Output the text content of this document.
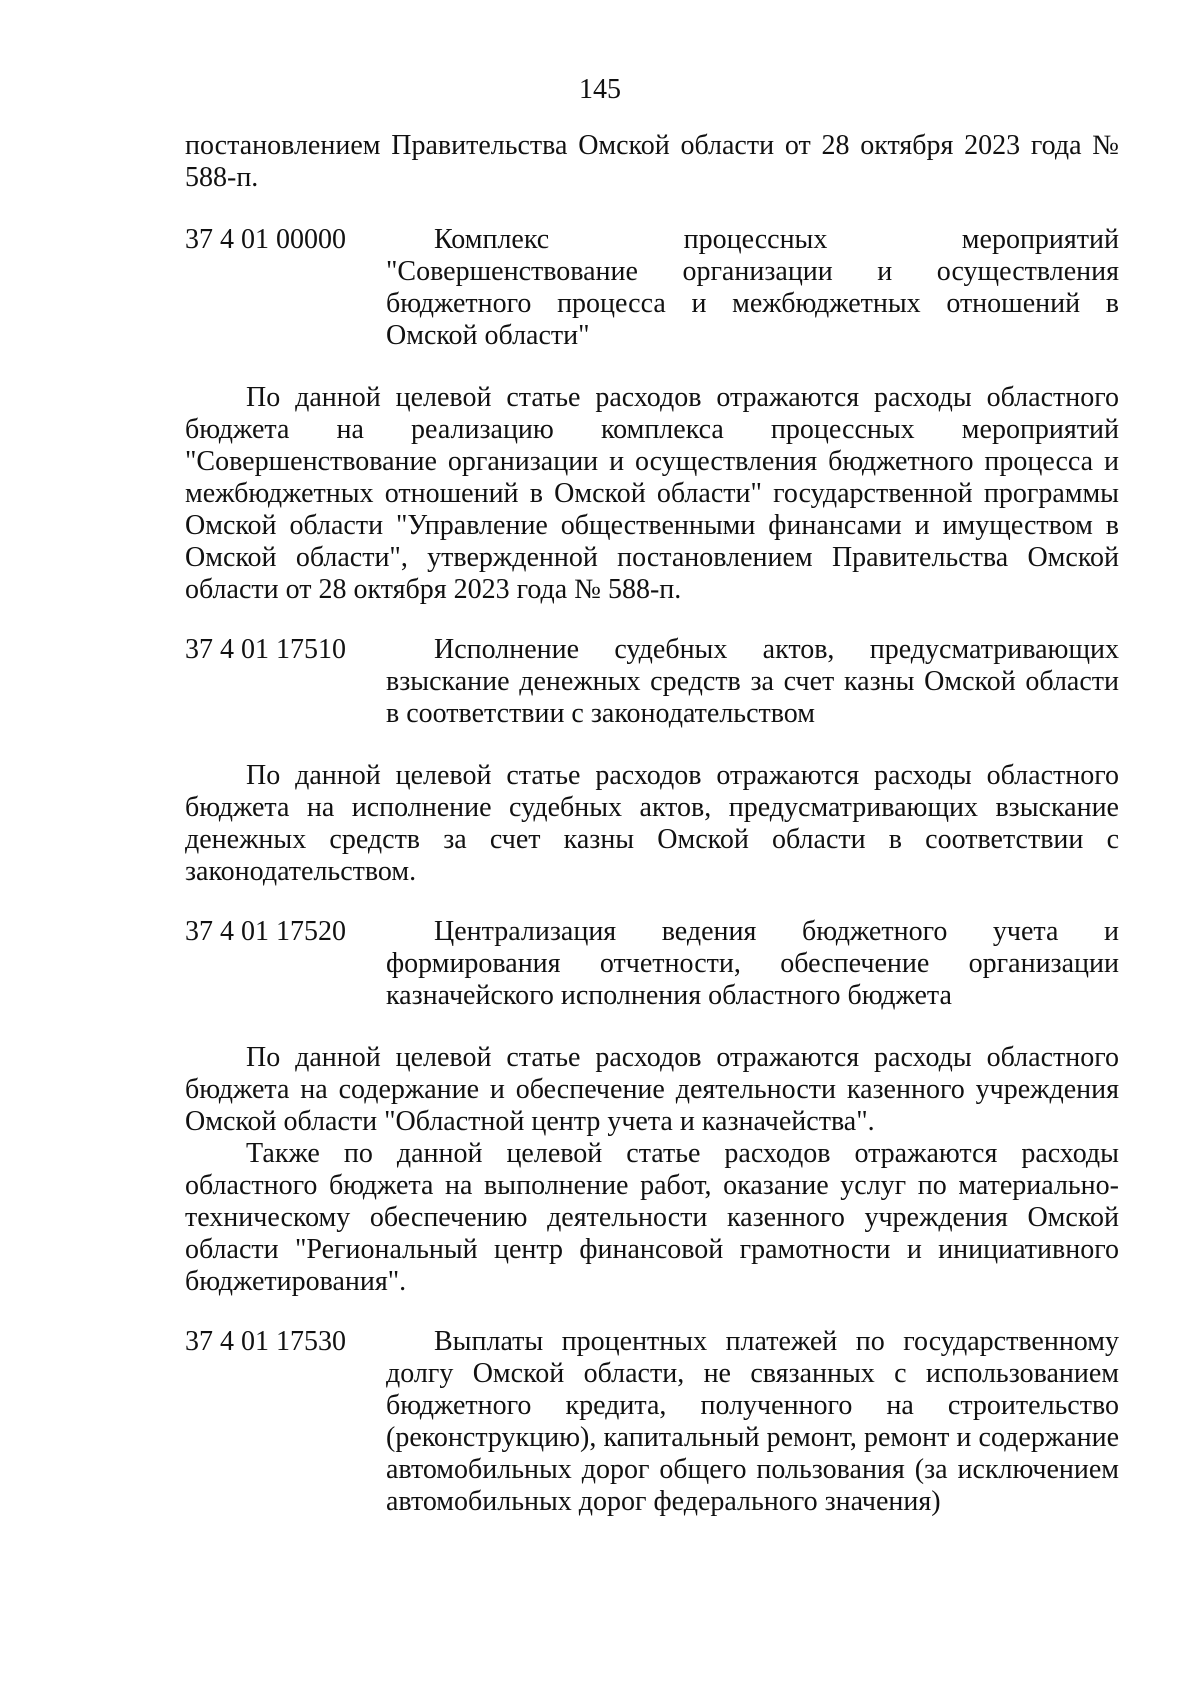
145

постановлением Правительства Омской области от 28 октября 2023 года № 588-п.

37 4 01 00000	Комплекс процессных мероприятий "Совершенствование организации и осуществления бюджетного процесса и межбюджетных отношений в Омской области"

По данной целевой статье расходов отражаются расходы областного бюджета на реализацию комплекса процессных мероприятий "Совершенствование организации и осуществления бюджетного процесса и межбюджетных отношений в Омской области" государственной программы Омской области "Управление общественными финансами и имуществом в Омской области", утвержденной постановлением Правительства Омской области от 28 октября 2023 года № 588-п.

37 4 01 17510	Исполнение судебных актов, предусматривающих взыскание денежных средств за счет казны Омской области в соответствии с законодательством

По данной целевой статье расходов отражаются расходы областного бюджета на исполнение судебных актов, предусматривающих взыскание денежных средств за счет казны Омской области в соответствии с законодательством.

37 4 01 17520	Централизация ведения бюджетного учета и формирования отчетности, обеспечение организации казначейского исполнения областного бюджета

По данной целевой статье расходов отражаются расходы областного бюджета на содержание и обеспечение деятельности казенного учреждения Омской области "Областной центр учета и казначейства".

Также по данной целевой статье расходов отражаются расходы областного бюджета на выполнение работ, оказание услуг по материально-техническому обеспечению деятельности казенного учреждения Омской области "Региональный центр финансовой грамотности и инициативного бюджетирования".

37 4 01 17530	Выплаты процентных платежей по государственному долгу Омской области, не связанных с использованием бюджетного кредита, полученного на строительство (реконструкцию), капитальный ремонт, ремонт и содержание автомобильных дорог общего пользования (за исключением автомобильных дорог федерального значения)
